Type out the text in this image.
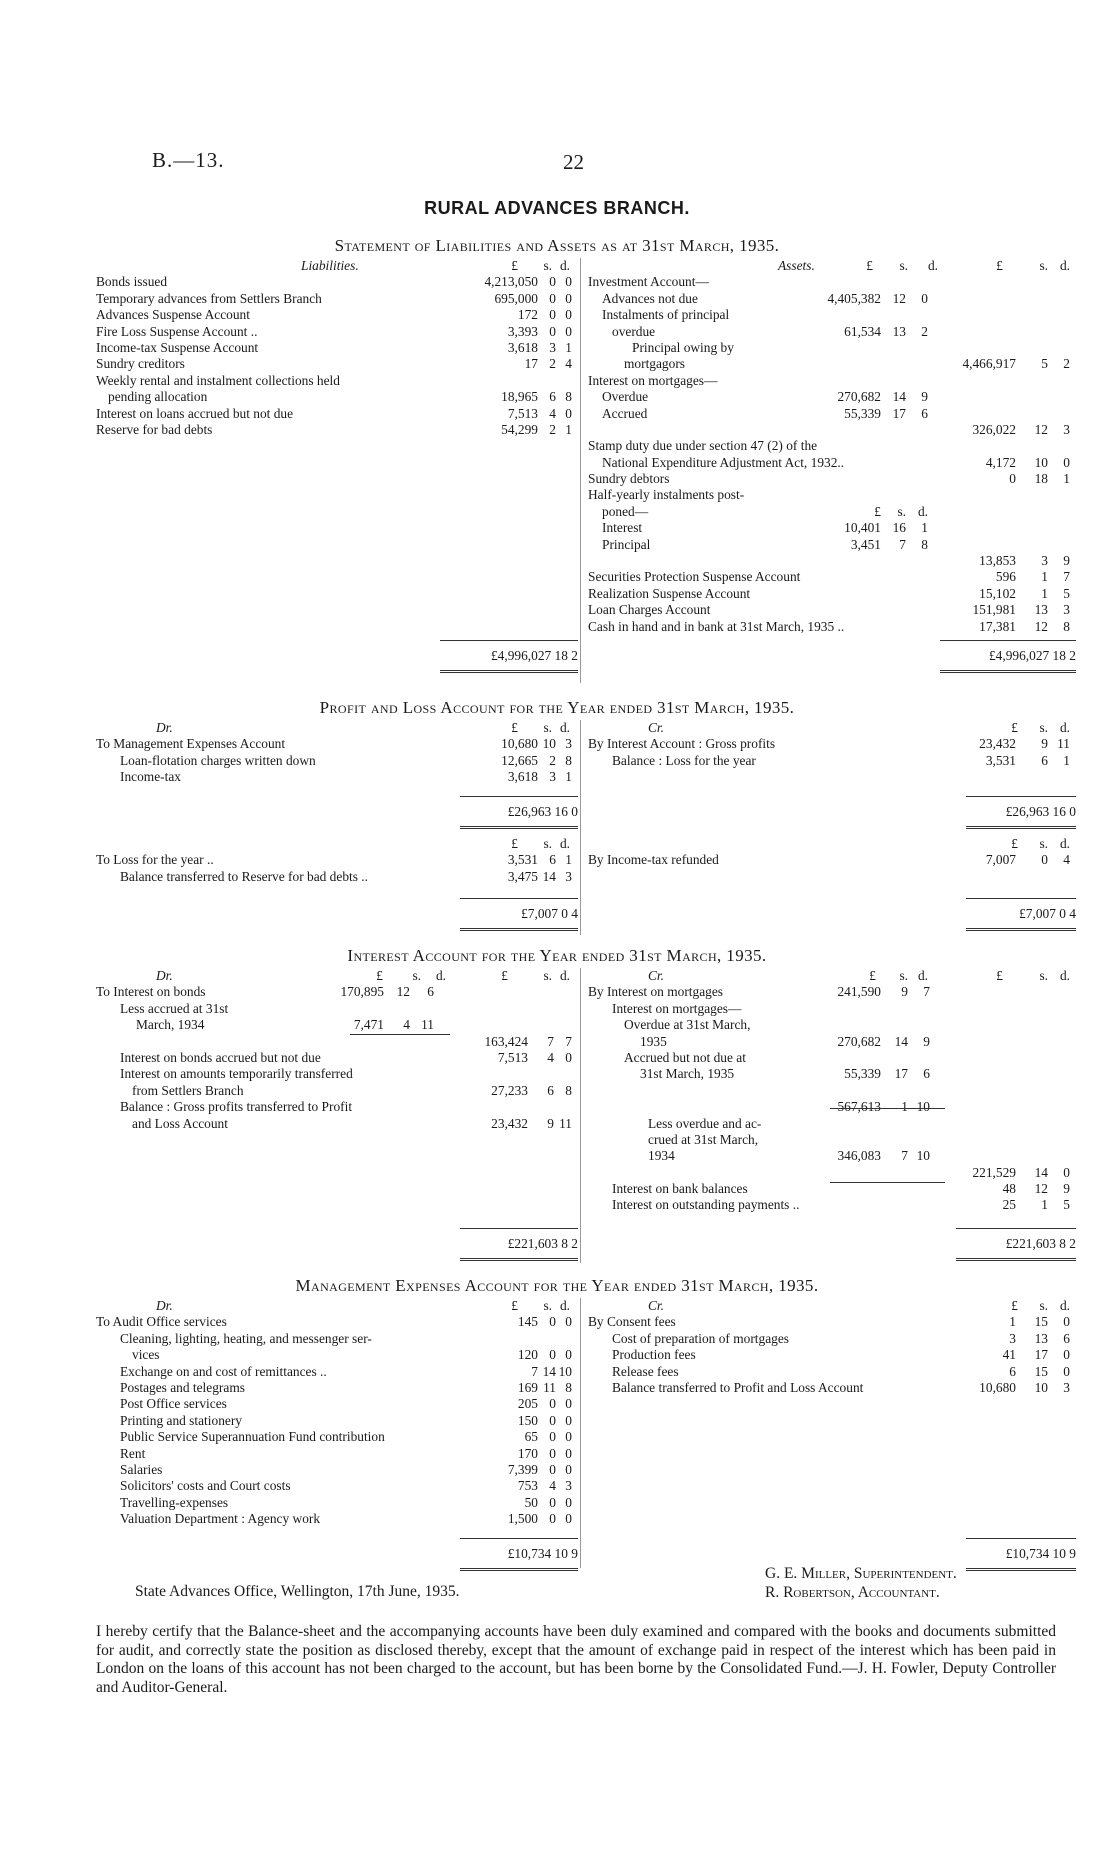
B.—13.	22
RURAL ADVANCES BRANCH.
Statement of Liabilities and Assets as at 31st March, 1935.
Liabilities.	£	s. d.
Bonds issued	4,213,050 0 0
Temporary advances from Settlers Branch	695,000 0 0
Advances Suspense Account	172 0 0
Fire Loss Suspense Account ..	3,393 0 0
Income-tax Suspense Account	3,618 3 1
Sundry creditors	17 2 4
Weekly rental and instalment collections held
pending allocation	18,965 6 8
Interest on loans accrued but not due	7,513 4 0
Reserve for bad debts	54,299 2 1
Assets.	£	s.	d.	£	s. d.
Investment Account—
Advances not due	4,405,382 12	0
Instalments of principal
overdue	61,534 13	2
Principal owing by
mortgagors	4,466,917	5	2
Interest on mortgages—
Overdue	270,682 14	9
Accrued	55,339 17	6
326,022	12	3
Stamp duty due under section 47 (2) of the
National Expenditure Adjustment Act, 1932..	4,172	10	0
Sundry debtors	0	18	1
Half-yearly instalments post-
poned—	£	s. d.
Interest	10,401 16	1
Principal	3,451	7	8
13,853	3	9
Securities Protection Suspense Account	596	1	7
Realization Suspense Account	15,102	1	5
Loan Charges Account	151,981	13	3
Cash in hand and in bank at 31st March, 1935 ..	17,381	12	8
£4,996,027 18 2	£4,996,027 18 2
Profit and Loss Account for the Year ended 31st March, 1935.
Dr.	£	s. d.
To Management Expenses Account	10,680 10 3
Loan-flotation charges written down	12,665 2 8
Income-tax	3,618 3 1
Cr.	£	s. d.
By Interest Account : Gross profits	23,432	9 11
Balance : Loss for the year	3,531	6	1
£26,963 16 0	£26,963 16 0
£	s. d.
To Loss for the year ..	3,531 6 1
Balance transferred to Reserve for bad debts ..	3,475 14 3
£	s. d.
By Income-tax refunded	7,007	0	4
£7,007 0 4	£7,007 0 4
Interest Account for the Year ended 31st March, 1935.
Dr.	£	s.	d.	£	s. d.
To Interest on bonds	170,895 12	6
Less accrued at 31st
March, 1934	7,471	4 11
163,424	7 7
Interest on bonds accrued but not due	7,513	4 0
Interest on amounts temporarily transferred
from Settlers Branch	27,233	6 8
Balance : Gross profits transferred to Profit
and Loss Account	23,432	9 11
Cr.	£	s. d.	£	s. d.
By Interest on mortgages	241,590	9	7
Interest on mortgages—
Overdue at 31st March,
1935	270,682	14	9
Accrued but not due at
31st March, 1935	55,339	17	6
567,613	1 10
Less overdue and ac-
crued at 31st March,
1934	346,083	7 10
221,529	14	0
Interest on bank balances	48	12	9
Interest on outstanding payments ..	25	1	5
£221,603 8 2	£221,603 8 2
Management Expenses Account for the Year ended 31st March, 1935.
Dr.	£	s. d.
To Audit Office services	145 0 0
Cleaning, lighting, heating, and messenger ser-
vices	120 0 0
Exchange on and cost of remittances ..	7 14 10
Postages and telegrams	169 11 8
Post Office services	205 0 0
Printing and stationery	150 0 0
Public Service Superannuation Fund contribution	65 0 0
Rent	170 0 0
Salaries	7,399 0 0
Solicitors' costs and Court costs	753 4 3
Travelling-expenses	50 0 0
Valuation Department : Agency work	1,500 0 0
Cr.	£	s. d.
By Consent fees	1	15	0
Cost of preparation of mortgages	3	13	6
Production fees	41	17	0
Release fees	6	15	0
Balance transferred to Profit and Loss Account	10,680	10	3
£10,734 10 9	£10,734 10 9
State Advances Office, Wellington, 17th June, 1935.
G. E. Miller, Superintendent.
R. Robertson, Accountant.
I hereby certify that the Balance-sheet and the accompanying accounts have been duly examined and compared with the books and documents submitted for audit, and correctly state the position as disclosed thereby, except that the amount of exchange paid in respect of the interest which has been paid in London on the loans of this account has not been charged to the account, but has been borne by the Consolidated Fund.—J. H. Fowler, Deputy Controller and Auditor-General.
